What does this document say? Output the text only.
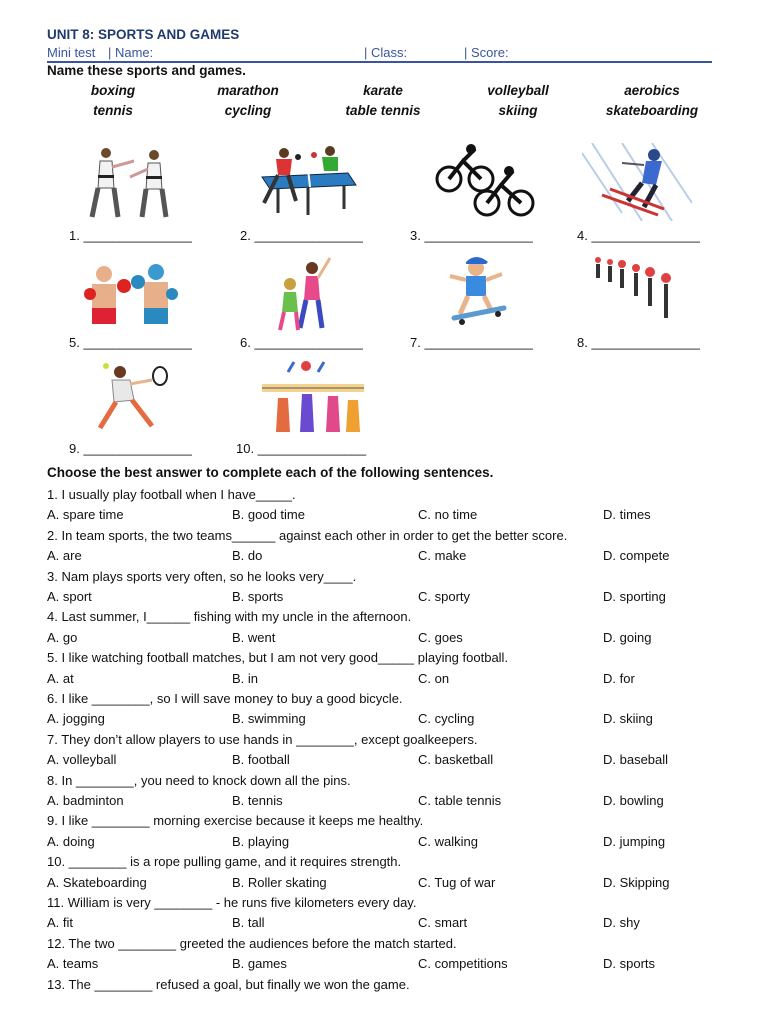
UNIT 8: SPORTS AND GAMES
Mini test | Name:	| Class:	| Score:
Name these sports and games.
boxing	marathon	karate	volleyball	aerobics
tennis	cycling	table tennis	skiing	skateboarding
1. _______________	2. _______________	3. _______________	4. _______________
5. _______________	6. _______________	7. _______________	8. _______________
9. _______________	10. _______________
Choose the best answer to complete each of the following sentences.
1. I usually play football when I have_____.
A. spare time	B. good time	C. no time	D. times
2. In team sports, the two teams______ against each other in order to get the better score.
A. are	B. do	C. make	D. compete
3. Nam plays sports very often, so he looks very____.
A. sport	B. sports	C. sporty	D. sporting
4. Last summer, I______ fishing with my uncle in the afternoon.
A. go	B. went	C. goes	D. going
5. I like watching football matches, but I am not very good_____ playing football.
A. at	B. in	C. on	D. for
6. I like ________, so I will save money to buy a good bicycle.
A. jogging	B. swimming	C. cycling	D. skiing
7. They don’t allow players to use hands in ________, except goalkeepers.
A. volleyball	B. football	C. basketball	D. baseball
8. In ________, you need to knock down all the pins.
A. badminton	B. tennis	C. table tennis	D. bowling
9. I like ________ morning exercise because it keeps me healthy.
A. doing	B. playing	C. walking	D. jumping
10. ________ is a rope pulling game, and it requires strength.
A. Skateboarding	B. Roller skating	C. Tug of war	D. Skipping
11. William is very ________ - he runs five kilometers every day.
A. fit	B. tall	C. smart	D. shy
12. The two ________ greeted the audiences before the match started.
A. teams	B. games	C. competitions	D. sports
13. The ________ refused a goal, but finally we won the game.
